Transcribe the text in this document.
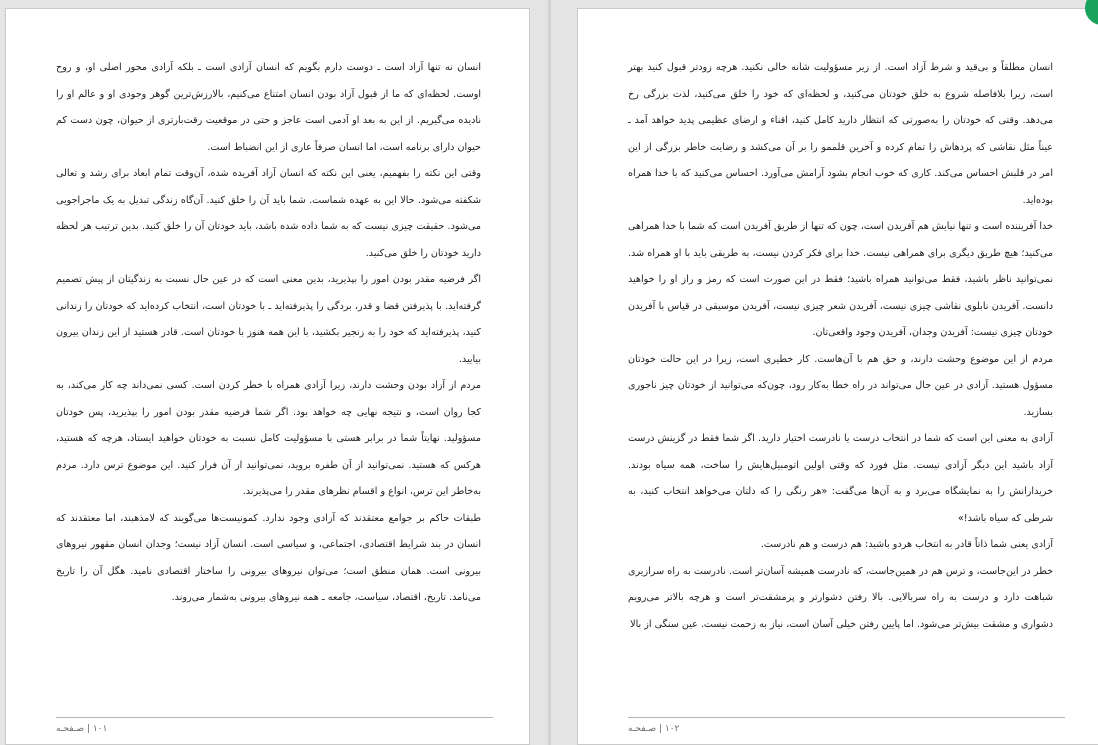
انسان نه تنها آزاد است ـ دوست دارم بگویم که انسان آزادی است ـ بلکه آزادی محور اصلی او، و روح اوست. لحظه‌ای که ما از قبول آزاد بودن انسان امتناع می‌کنیم، بالارزش‌ترین گوهر وجودی او و عالم او را نادیده می‌گیریم. از این به بعد او آدمی است عاجز و حتی در موقعیت رقت‌بارتری از حیوان، چون دست کم حیوان دارای برنامه است، اما انسان صرفاً عاری از این انضباط است.

وقتی این نکته را بفهمیم، یعنی این نکته که انسان آزاد آفریده شده، آن‌وقت تمام ابعاد برای رشد و تعالی شکفته می‌شود. حالا این به عهده شماست. شما باید آن را خلق کنید. آن‌گاه زندگی تبدیل به یک ماجراجویی می‌شود. حقیقت چیزی نیست که به شما داده شده باشد، باید خودتان آن را خلق کنید. بدین ترتیب هر لحظه دارید خودتان را خلق می‌کنید.

اگر فرضیه مقدر بودن امور را بپذیرید، بدین معنی است که در عین حال نسبت به زندگیتان از پیش تصمیم گرفته‌اید. با پذیرفتن قضا و قدر، بردگی را پذیرفته‌اید ـ با خودتان است، انتخاب کرده‌اید که خودتان را زندانی کنید، پذیرفته‌اید که خود را به زنجیر بکشید، با این همه هنوز با خودتان است. قادر هستید از این زندان بیرون بیایید.

مردم از آزاد بودن وحشت دارند، زیرا آزادی همراه با خطر کردن است. کسی نمی‌داند چه کار می‌کند، به کجا روان است، و نتیجه نهایی چه خواهد بود. اگر شما فرضیه مقدر بودن امور را بپذیرید، پس خودتان مسؤولید. نهایتاً شما در برابر هستی با مسؤولیت کامل نسبت به خودتان خواهید ایستاد، هرچه که هستید، هرکس که هستید. نمی‌توانید از آن طفره بروید، نمی‌توانید از آن فرار کنید. این موضوع ترس دارد. مردم به‌خاطر این ترس، انواع و اقسام نظرهای مقدر را می‌پذیرند.

طبقات حاکم بر جوامع معتقدند که آزادی وجود ندارد. کمونیست‌ها می‌گویند که لامذهبند، اما معتقدند که انسان در بند شرایط اقتصادی، اجتماعی، و سیاسی است. انسان آزاد نیست؛ وجدان انسان مقهور نیروهای بیرونی است. همان منطق است؛ می‌توان نیروهای بیرونی را ساختار اقتصادی نامید. هگل آن را تاریخ می‌نامد. تاریخ، اقتصاد، سیاست، جامعه ـ همه نیروهای بیرونی به‌شمار می‌روند.

١٠١ | صـفحـه

انسان مطلقاً و بی‌قید و شرط آزاد است. از زیر مسؤولیت شانه خالی نکنید. هرچه زودتر قبول کنید بهتر است، زیرا بلافاصله شروع به خلق خودتان می‌کنید، و لحظه‌ای که خود را خلق می‌کنید، لذت بزرگی رخ می‌دهد. وقتی که خودتان را به‌صورتی که انتظار دارید کامل کنید، اقناء و ارضای عظیمی پدید خواهد آمد ـ عیناً مثل نقاشی که پردهاش را تمام کرده و آخرین قلممو را بر آن می‌کشد و رضایت خاطر بزرگی از این امر در قلبش احساس می‌کند. کاری که خوب انجام بشود آرامش می‌آورد. احساس می‌کنید که با خدا همراه بوده‌اید.

خدا آفریننده است و تنها نیایش هم آفریدن است، چون که تنها از طریق آفریدن است که شما با خدا همراهی می‌کنید؛ هیچ طریق دیگری برای همراهی نیست. خدا برای فکر کردن نیست، به طریقی باید با او همراه شد. نمی‌توانید ناظر باشید، فقط می‌توانید همراه باشید؛ فقط در این صورت است که رمز و راز او را خواهید دانست. آفریدن نابلوی نقاشی چیزی نیست، آفریدن شعر چیزی نیست، آفریدن موسیقی در قیاس با آفریدن خودتان چیزی نیست: آفریدن وجدان، آفریدن وجود واقعی‌تان.

مردم از این موضوع وحشت دارند، و حق هم با آن‌هاست. کار خطیری است، زیرا در این حالت خودتان مسؤول هستید. آزادی در عین حال می‌تواند در راه خطا به‌کار رود، چون‌که می‌توانید از خودتان چیز ناجوری بسازید.

آزادی به معنی این است که شما در انتخاب درست یا نادرست اختیار دارید. اگر شما فقط در گزینش درست آزاد باشید این دیگر آزادی نیست. مثل فورد که وقتی اولین اتومبیل‌هایش را ساخت، همه سیاه بودند. خریدارانش را به نمایشگاه می‌برد و به آن‌ها می‌گفت: «هر رنگی را که دلتان می‌خواهد انتخاب کنید، به شرطی که سیاه باشد!»

آزادی یعنی شما ذاتاً قادر به انتخاب هردو باشید: هم درست و هم نادرست.

خطر در این‌جاست، و ترس هم در همین‌جاست، که نادرست همیشه آسان‌تر است. نادرست به راه سرازیری شباهت دارد و درست به راه سربالایی. بالا رفتن دشوارتر و پرمشقت‌تر است و هرچه بالاتر می‌رویم دشواری و مشقت بیش‌تر می‌شود. اما پایین رفتن خیلی آسان است، نیاز به زحمت نیست. عین سنگی از بالا

١٠٢ | صـفحـه
